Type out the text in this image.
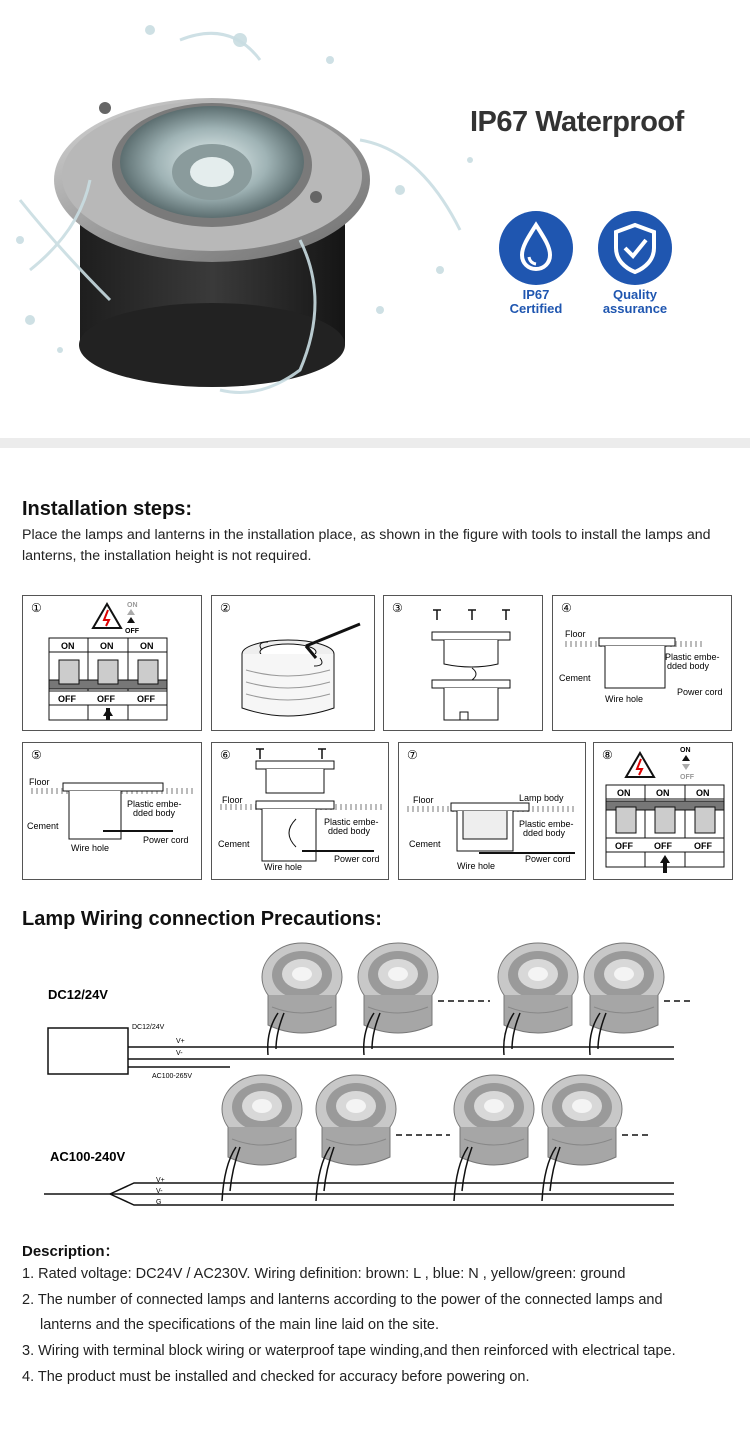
IP67 Waterproof
IP67
Certified
Quality
assurance
Installation steps:
Place the lamps and lanterns in the installation place, as shown in the figure with tools to install the lamps and lanterns, the installation height is not required.
①	ON
OFF
ON	ON	ON
OFF OFF OFF
②	③	④
Floor
Cement
Plastic embe-
dded body
Power cord
Wire hole
⑤
Floor
Cement
Plastic embe-
dded body
Power cord
Wire hole
⑥
Floor
Cement
Plastic embe-
dded body
Power cord
Wire hole
⑦
Floor
Cement
Lamp body
Plastic embe-
dded body
Power cord
Wire hole
⑧	ON
OFF
ON	ON	ON
OFF OFF OFF
Lamp Wiring connection Precautions:
DC12/24V
DC12/24V
V+
V-
AC100-265V
AC100-240V
V+
V-
G
Description：
1. Rated voltage: DC24V / AC230V. Wiring definition: brown: L , blue: N , yellow/green: ground
2. The number of connected lamps and lanterns according to the power of the connected lamps and
lanterns and the specifications of the main line laid on the site.
3. Wiring with terminal block wiring or waterproof tape winding,and then reinforced with electrical tape.
4. The product must be installed and checked for accuracy before powering on.
